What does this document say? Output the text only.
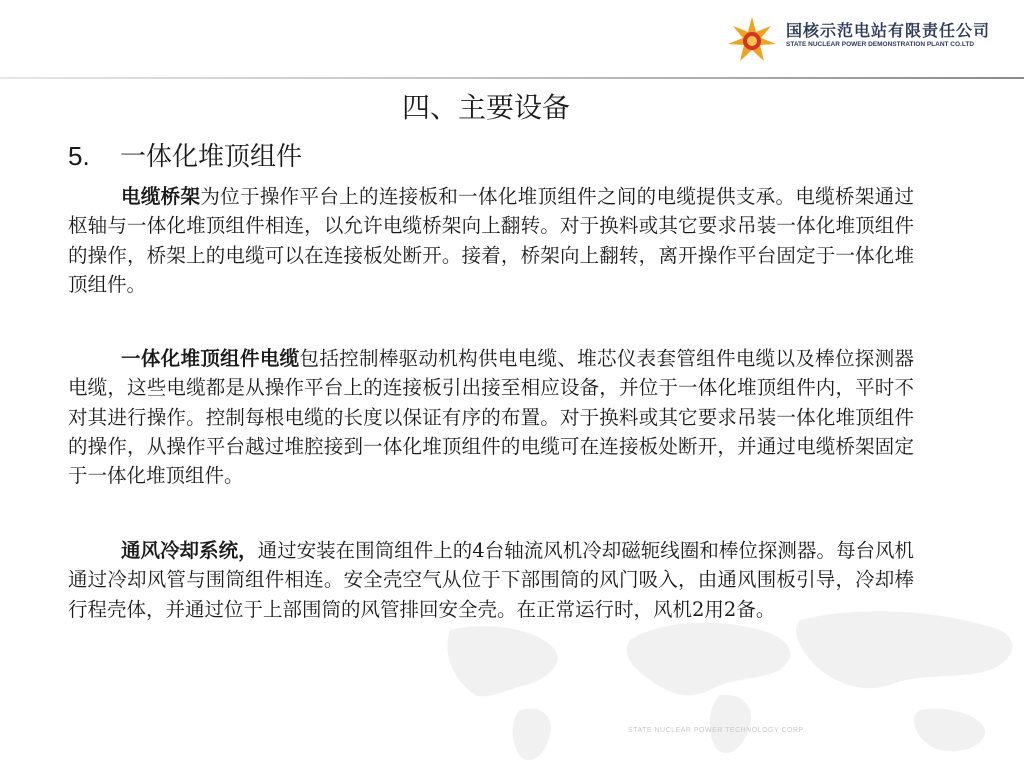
国核示范电站有限责任公司
STATE NUCLEAR POWER DEMONSTRATION PLANT CO.LTD
四、主要设备
5. 一体化堆顶组件

电缆桥架为位于操作平台上的连接板和一体化堆顶组件之间的电缆提供支承。电缆桥架通过枢轴与一体化堆顶组件相连，以允许电缆桥架向上翻转。对于换料或其它要求吊装一体化堆顶组件的操作，桥架上的电缆可以在连接板处断开。接着，桥架向上翻转，离开操作平台固定于一体化堆顶组件。

一体化堆顶组件电缆包括控制棒驱动机构供电电缆、堆芯仪表套管组件电缆以及棒位探测器电缆，这些电缆都是从操作平台上的连接板引出接至相应设备，并位于一体化堆顶组件内，平时不对其进行操作。控制每根电缆的长度以保证有序的布置。对于换料或其它要求吊装一体化堆顶组件的操作，从操作平台越过堆腔接到一体化堆顶组件的电缆可在连接板处断开，并通过电缆桥架固定于一体化堆顶组件。

通风冷却系统，通过安装在围筒组件上的4台轴流风机冷却磁轭线圈和棒位探测器。每台风机通过冷却风管与围筒组件相连。安全壳空气从位于下部围筒的风门吸入，由通风围板引导，冷却棒行程壳体，并通过位于上部围筒的风管排回安全壳。在正常运行时，风机2用2备。

STATE NUCLEAR POWER TECHNOLOGY CORP.
